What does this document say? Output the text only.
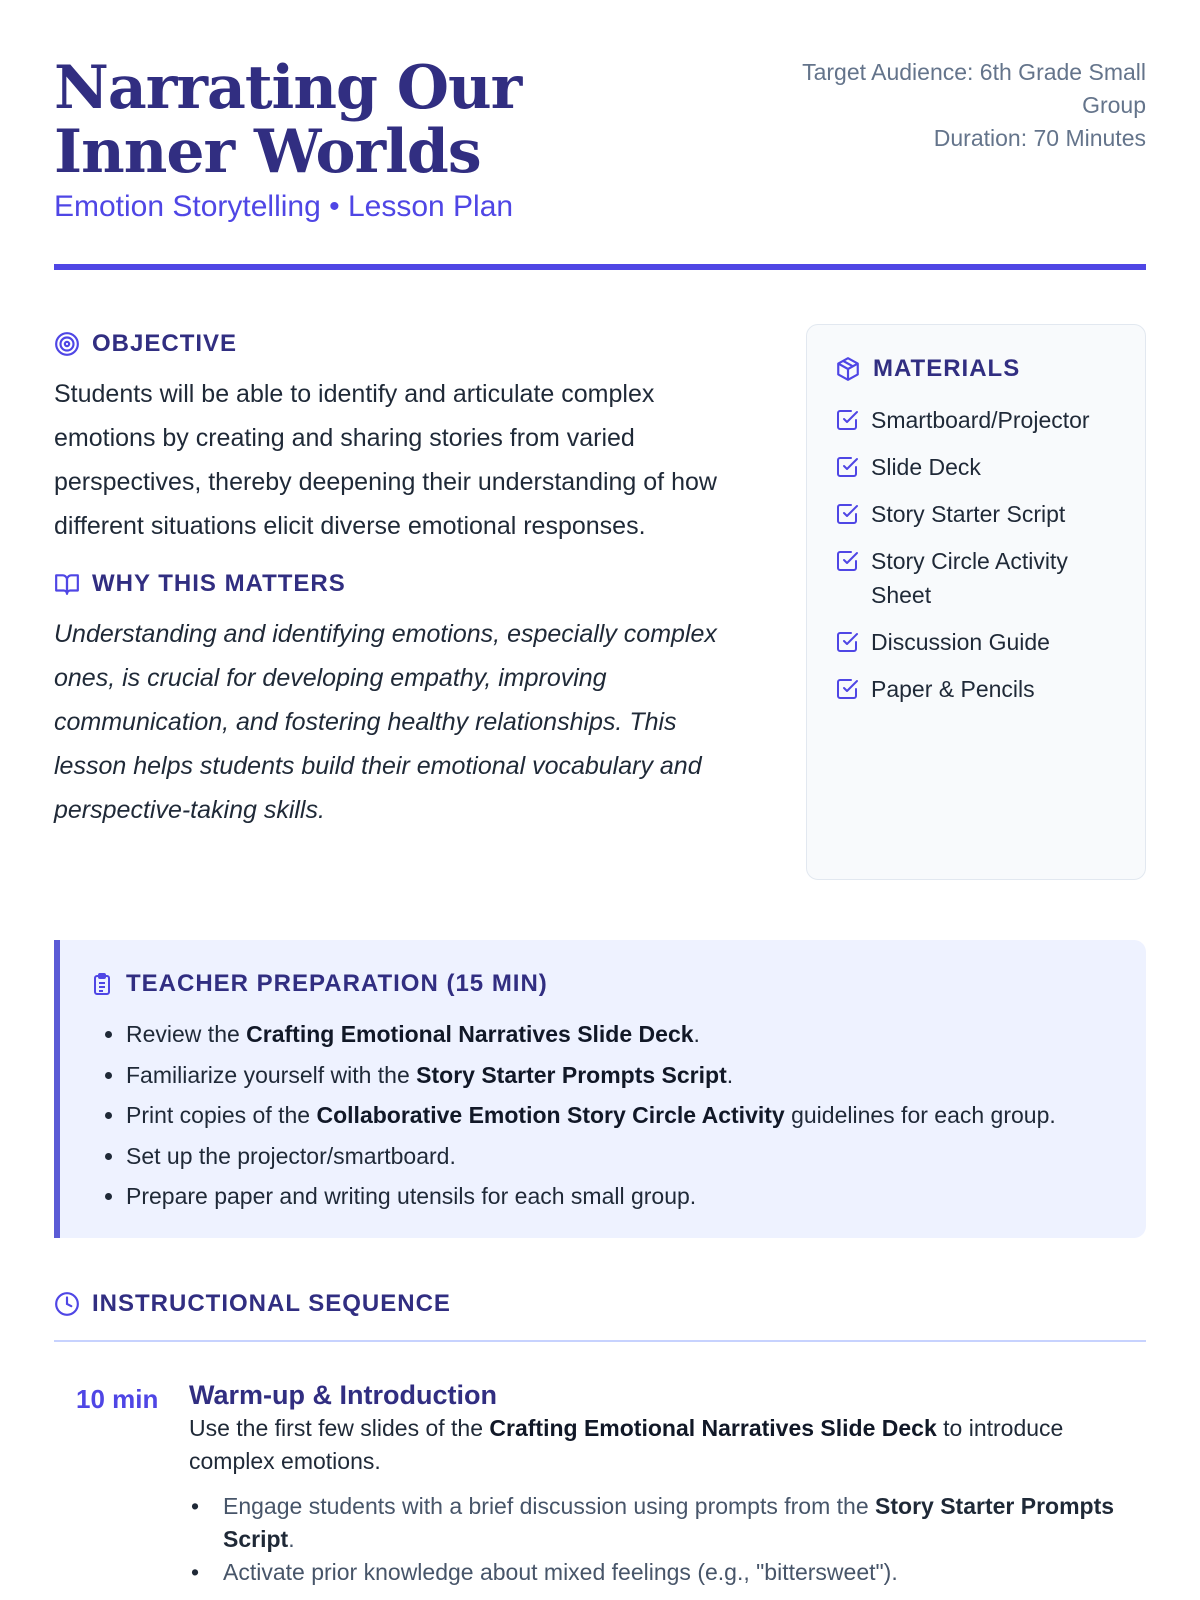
Narrating Our Inner Worlds
Emotion Storytelling • Lesson Plan
Target Audience: 6th Grade Small Group
Duration: 70 Minutes
OBJECTIVE

Students will be able to identify and articulate complex emotions by creating and sharing stories from varied perspectives, thereby deepening their understanding of how different situations elicit diverse emotional responses.

WHY THIS MATTERS

Understanding and identifying emotions, especially complex ones, is crucial for developing empathy, improving communication, and fostering healthy relationships. This lesson helps students build their emotional vocabulary and perspective-taking skills.

MATERIALS
Smartboard/Projector
Slide Deck
Story Starter Script
Story Circle Activity Sheet
Discussion Guide
Paper & Pencils
TEACHER PREPARATION (15 MIN)
• Review the Crafting Emotional Narratives Slide Deck.
• Familiarize yourself with the Story Starter Prompts Script.
• Print copies of the Collaborative Emotion Story Circle Activity guidelines for each group.
• Set up the projector/smartboard.
• Prepare paper and writing utensils for each small group.
INSTRUCTIONAL SEQUENCE
10 min Warm-up & Introduction

Use the first few slides of the Crafting Emotional Narratives Slide Deck to introduce complex emotions.

• Engage students with a brief discussion using prompts from the Story Starter Prompts Script.
• Activate prior knowledge about mixed feelings (e.g., "bittersweet").
